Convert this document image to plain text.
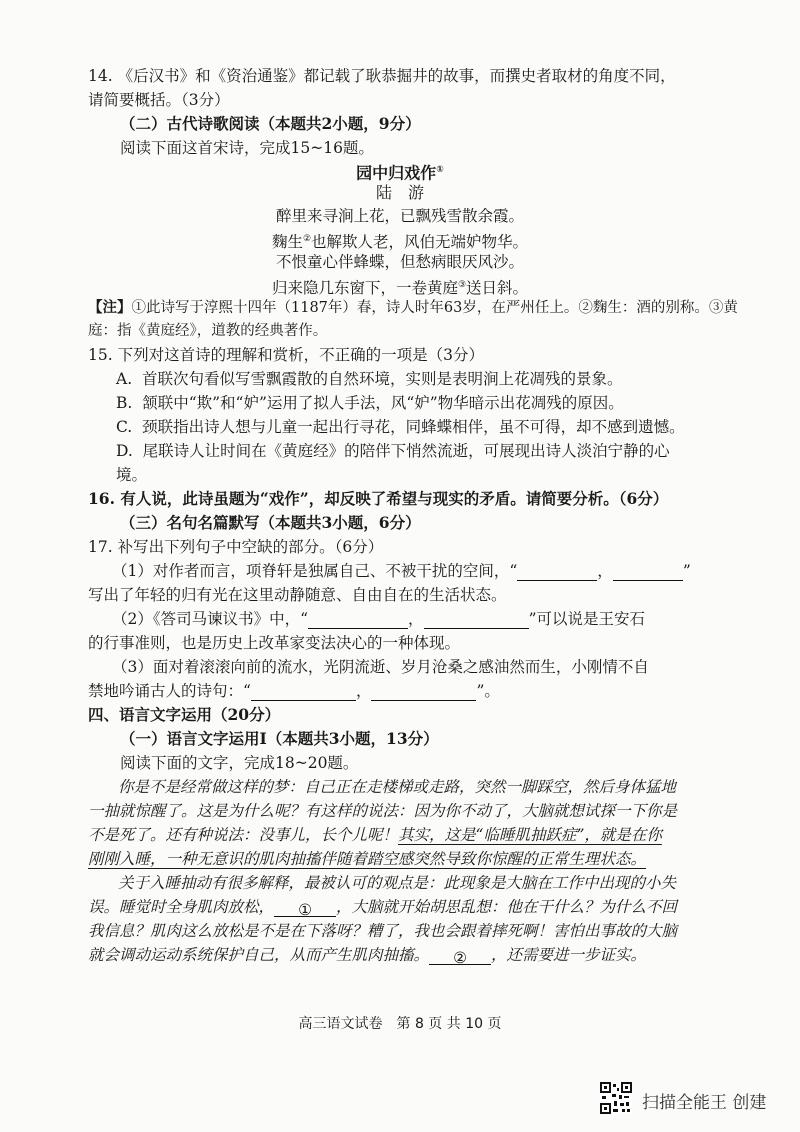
14. 《后汉书》和《资治通鉴》都记载了耿恭掘井的故事，而撰史者取材的角度不同，
请简要概括。（3分）
（二）古代诗歌阅读（本题共2小题，9分）
阅读下面这首宋诗，完成15~16题。
园中归戏作①
陆　游
醉里来寻涧上花，已飘残雪散余霞。
麴生②也解欺人老，风伯无端妒物华。
不恨童心伴蜂蝶，但愁病眼厌风沙。
归来隐几东窗下，一卷黄庭③送日斜。
【注】①此诗写于淳熙十四年（1187年）春，诗人时年63岁，在严州任上。②麴生：酒的别称。③黄
庭：指《黄庭经》，道教的经典著作。
15. 下列对这首诗的理解和赏析，不正确的一项是（3分）
A. 首联次句看似写雪飘霞散的自然环境，实则是表明涧上花凋残的景象。
B. 颔联中“欺”和“妒”运用了拟人手法，风“妒”物华暗示出花凋残的原因。
C. 颈联指出诗人想与儿童一起出行寻花，同蜂蝶相伴，虽不可得，却不感到遗憾。
D. 尾联诗人让时间在《黄庭经》的陪伴下悄然流逝，可展现出诗人淡泊宁静的心
境。
16. 有人说，此诗虽题为“戏作”，却反映了希望与现实的矛盾。请简要分析。（6分）
（三）名句名篇默写（本题共3小题，6分）
17. 补写出下列句子中空缺的部分。（6分）
（1）对作者而言，项脊轩是独属自己、不被干扰的空间，“	，	”
写出了年轻的归有光在这里动静随意、自由自在的生活状态。
（2）《答司马谏议书》中，“	，	”可以说是王安石
的行事准则，也是历史上改革家变法决心的一种体现。
（3）面对着滚滚向前的流水，光阴流逝、岁月沧桑之感油然而生，小刚情不自
禁地吟诵古人的诗句：“	，	”。
四、语言文字运用（20分）
（一）语言文字运用Ⅰ（本题共3小题，13分）
阅读下面的文字，完成18~20题。
你是不是经常做这样的梦：自己正在走楼梯或走路，突然一脚踩空，然后身体猛地
一抽就惊醒了。这是为什么呢？有这样的说法：因为你不动了，大脑就想试探一下你是
不是死了。还有种说法：没事儿，长个儿呢！其实，这是“临睡肌抽跃症”，就是在你
刚刚入睡，一种无意识的肌肉抽搐伴随着踏空感突然导致你惊醒的正常生理状态。
关于入睡抽动有很多解释，最被认可的观点是：此现象是大脑在工作中出现的小失
误。睡觉时全身肌肉放松， ① ，大脑就开始胡思乱想：他在干什么？为什么不回
我信息？肌肉这么放松是不是在下落呀？糟了，我也会跟着摔死啊！害怕出事故的大脑
就会调动运动系统保护自己，从而产生肌肉抽搐。 ② ，还需要进一步证实。
高三语文试卷　第 8 页 共 10 页
扫描全能王 创建
